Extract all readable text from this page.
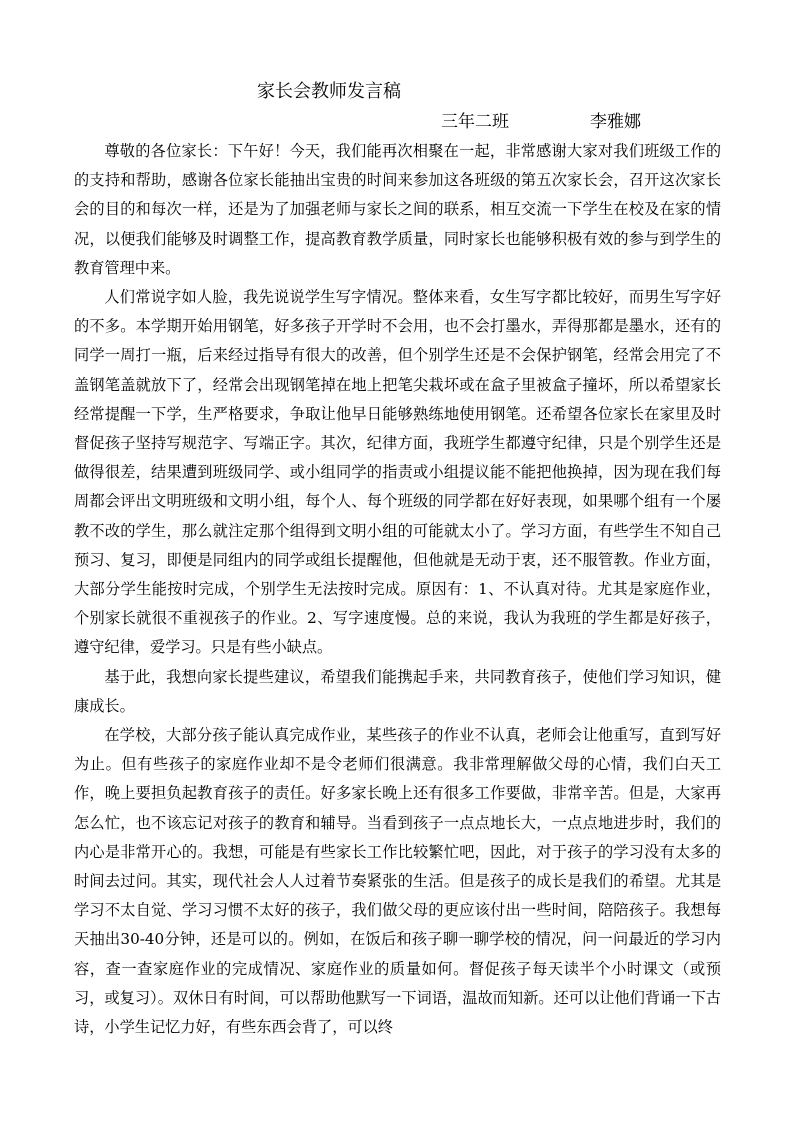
家长会教师发言稿
三年二班	李雅娜

尊敬的各位家长：下午好！今天，我们能再次相聚在一起，非常感谢大家对我们班级工作的的支持和帮助，感谢各位家长能抽出宝贵的时间来参加这各班级的第五次家长会，召开这次家长会的目的和每次一样，还是为了加强老师与家长之间的联系，相互交流一下学生在校及在家的情况，以便我们能够及时调整工作，提高教育教学质量，同时家长也能够积极有效的参与到学生的教育管理中来。

人们常说字如人脸，我先说说学生写字情况。整体来看，女生写字都比较好，而男生写字好的不多。本学期开始用钢笔，好多孩子开学时不会用，也不会打墨水，弄得那都是墨水，还有的同学一周打一瓶，后来经过指导有很大的改善，但个别学生还是不会保护钢笔，经常会用完了不盖钢笔盖就放下了，经常会出现钢笔掉在地上把笔尖栽坏或在盒子里被盒子撞坏，所以希望家长经常提醒一下学，生严格要求，争取让他早日能够熟练地使用钢笔。还希望各位家长在家里及时督促孩子坚持写规范字、写端正字。其次，纪律方面，我班学生都遵守纪律，只是个别学生还是做得很差，结果遭到班级同学、或小组同学的指责或小组提议能不能把他换掉，因为现在我们每周都会评出文明班级和文明小组，每个人、每个班级的同学都在好好表现，如果哪个组有一个屡教不改的学生，那么就注定那个组得到文明小组的可能就太小了。学习方面，有些学生不知自己预习、复习，即便是同组内的同学或组长提醒他，但他就是无动于衷，还不服管教。作业方面，大部分学生能按时完成，个别学生无法按时完成。原因有：1、不认真对待。尤其是家庭作业，个别家长就很不重视孩子的作业。2、写字速度慢。总的来说，我认为我班的学生都是好孩子，遵守纪律，爱学习。只是有些小缺点。

基于此，我想向家长提些建议，希望我们能携起手来，共同教育孩子，使他们学习知识，健康成长。

在学校，大部分孩子能认真完成作业，某些孩子的作业不认真，老师会让他重写，直到写好为止。但有些孩子的家庭作业却不是令老师们很满意。我非常理解做父母的心情，我们白天工作，晚上要担负起教育孩子的责任。好多家长晚上还有很多工作要做，非常辛苦。但是，大家再怎么忙，也不该忘记对孩子的教育和辅导。当看到孩子一点点地长大，一点点地进步时，我们的内心是非常开心的。我想，可能是有些家长工作比较繁忙吧，因此，对于孩子的学习没有太多的时间去过问。其实，现代社会人人过着节奏紧张的生活。但是孩子的成长是我们的希望。尤其是学习不太自觉、学习习惯不太好的孩子，我们做父母的更应该付出一些时间，陪陪孩子。我想每天抽出30-40分钟，还是可以的。例如，在饭后和孩子聊一聊学校的情况，问一问最近的学习内容，查一查家庭作业的完成情况、家庭作业的质量如何。督促孩子每天读半个小时课文（或预习，或复习）。双休日有时间，可以帮助他默写一下词语，温故而知新。还可以让他们背诵一下古诗，小学生记忆力好，有些东西会背了，可以终
